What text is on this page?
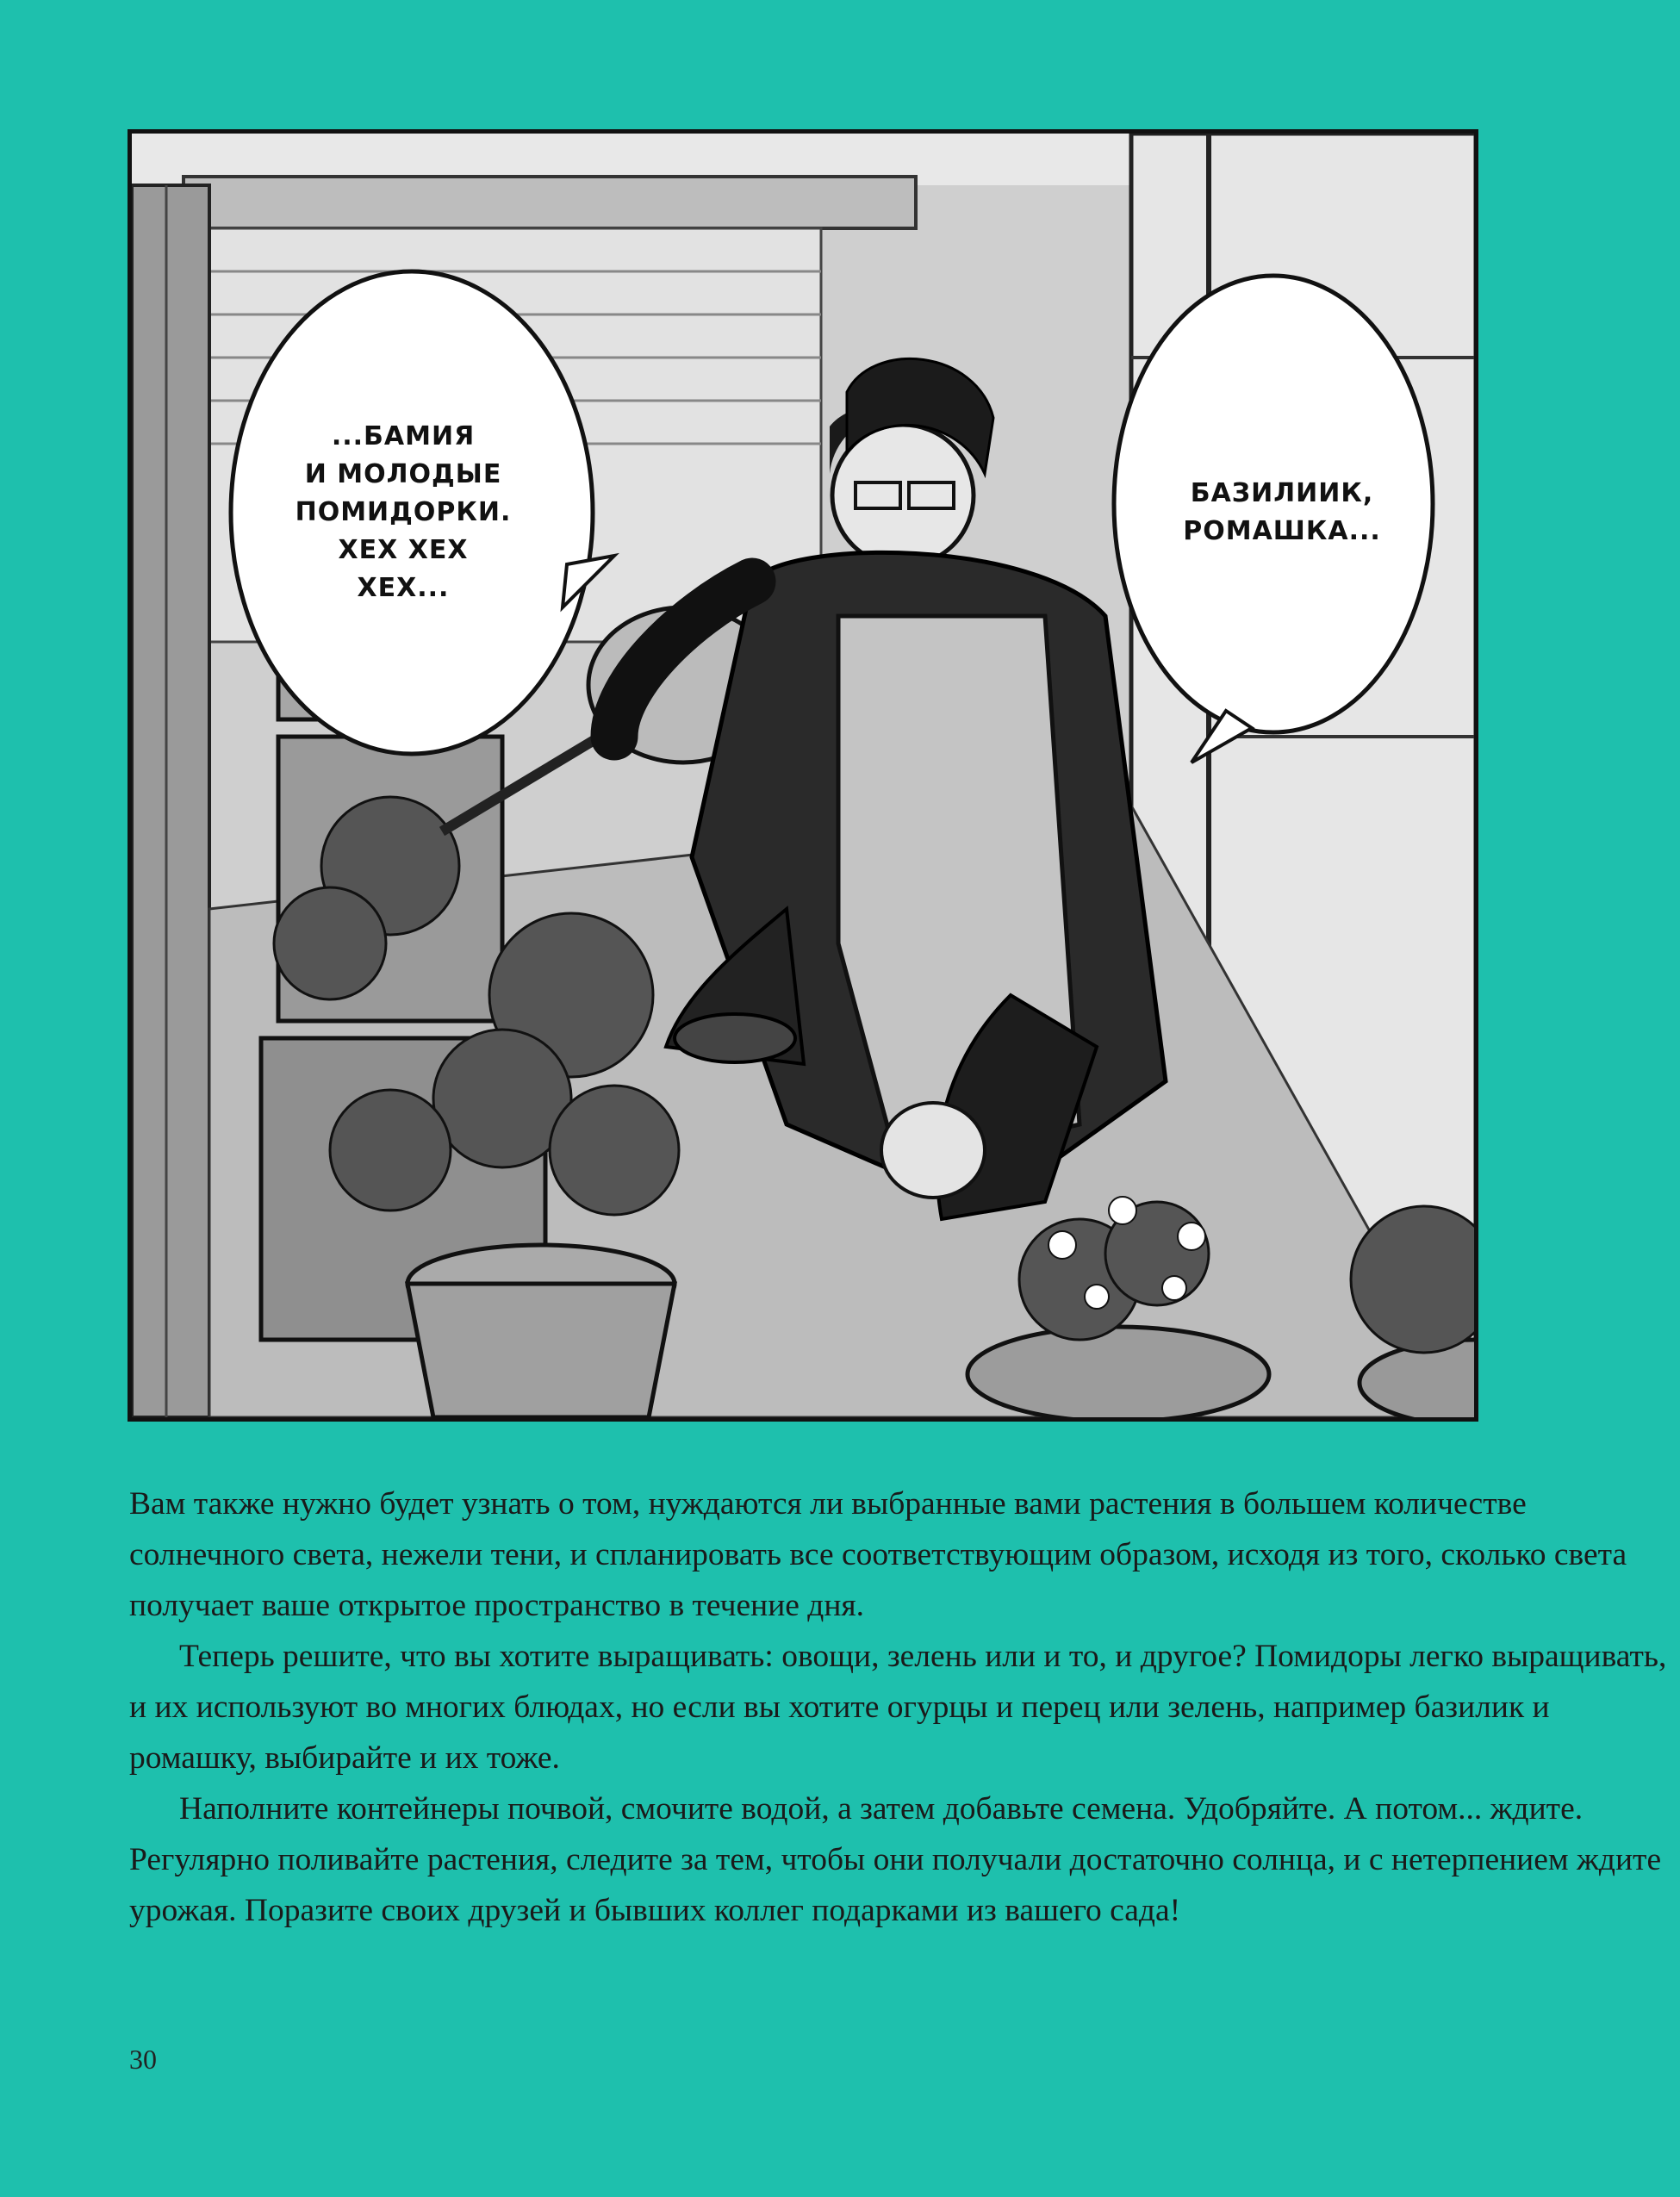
...БАМИЯ
И МОЛОДЫЕ
ПОМИДОРКИ.
ХЕХ ХЕХ
ХЕХ...
БАЗИЛИИК,
РОМАШКА...

Вам также нужно будет узнать о том, нуждаются ли выбранные вами растения в большем количестве солнечного света, нежели тени, и спланировать все соответствующим образом, исходя из того, сколько света получает ваше открытое пространство в течение дня.

Теперь решите, что вы хотите выращивать: овощи, зелень или и то, и другое? Помидоры легко выращивать, и их используют во многих блюдах, но если вы хотите огурцы и перец или зелень, например базилик и ромашку, выбирайте и их тоже.

Наполните контейнеры почвой, смочите водой, а затем добавьте семена. Удобряйте. А потом... ждите. Регулярно поливайте растения, следите за тем, чтобы они получали достаточно солнца, и с нетерпением ждите урожая. Поразите своих друзей и бывших коллег подарками из вашего сада!

30
